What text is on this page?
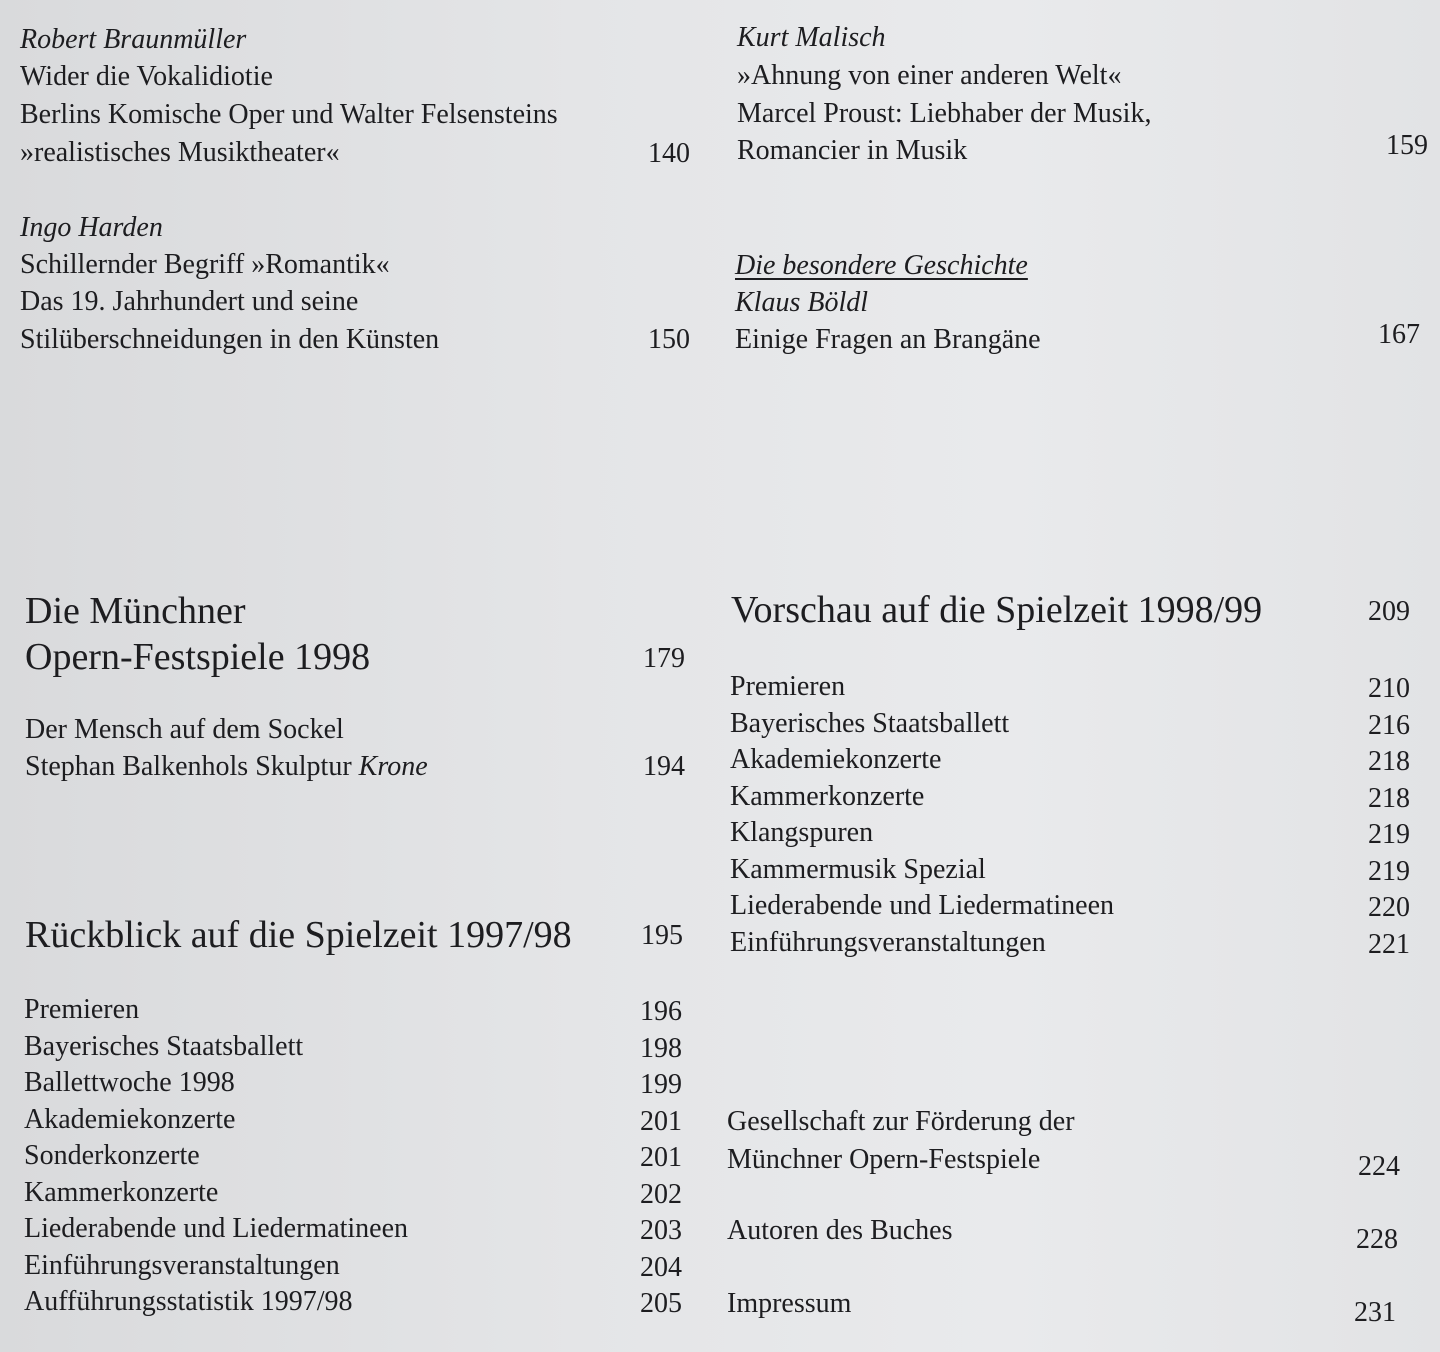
Robert Braunmüller
Wider die Vokalidiotie
Berlins Komische Oper und Walter Felsensteins
»realistisches Musiktheater«	140
Ingo Harden
Schillernder Begriff »Romantik«
Das 19. Jahrhundert und seine
Stilüberschneidungen in den Künsten	150
Kurt Malisch
»Ahnung von einer anderen Welt«
Marcel Proust: Liebhaber der Musik,
Romancier in Musik	159
Die besondere Geschichte
Klaus Böldl
Einige Fragen an Brangäne	167
Die Münchner
Opern-Festspiele 1998	179
Der Mensch auf dem Sockel
Stephan Balkenhols Skulptur Krone	194
Rückblick auf die Spielzeit 1997/98	195
Premieren	196
Bayerisches Staatsballett	198
Ballettwoche 1998	199
Akademiekonzerte	201
Sonderkonzerte	201
Kammerkonzerte	202
Liederabende und Liedermatineen	203
Einführungsveranstaltungen	204
Aufführungsstatistik 1997/98	205
Vorschau auf die Spielzeit 1998/99	209
Premieren	210
Bayerisches Staatsballett	216
Akademiekonzerte	218
Kammerkonzerte	218
Klangspuren	219
Kammermusik Spezial	219
Liederabende und Liedermatineen	220
Einführungsveranstaltungen	221
Gesellschaft zur Förderung der
Münchner Opern-Festspiele	224
Autoren des Buches	228
Impressum	231
